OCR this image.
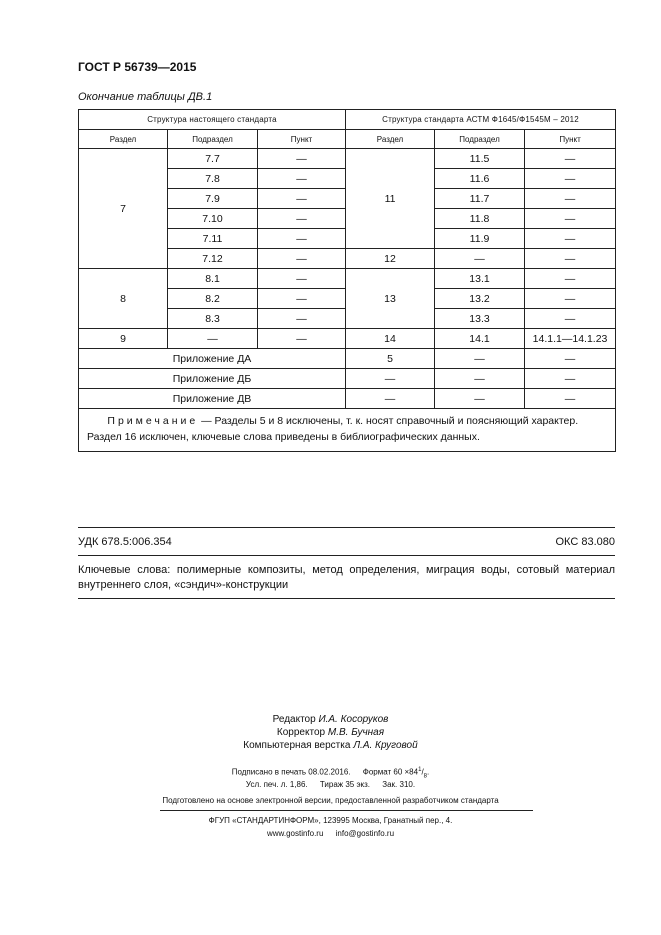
ГОСТ Р 56739—2015
Окончание таблицы ДВ.1
Структура настоящего стандарта			Структура стандарта АСТМ Ф1645/Ф1545М – 2012		
Раздел	Подраздел	Пункт	Раздел	Подраздел	Пункт
7	7.7	—	11	11.5	—
	7.8	—		11.6	—
	7.9	—		11.7	—
	7.10	—		11.8	—
	7.11	—		11.9	—
	7.12	—	12	—	—
8	8.1	—	13	13.1	—
	8.2	—		13.2	—
	8.3	—		13.3	—
9	—	—	14	14.1	14.1.1—14.1.23
Приложение ДА			5	—	—
Приложение ДБ			—	—	—
Приложение ДВ			—	—	—
Примечание — Разделы 5 и 8 исключены, т. к. носят справочный и поясняющий характер. Раздел 16 исключен, ключевые слова приведены в библиографических данных.					
УДК 678.5:006.354	ОКС 83.080
Ключевые слова: полимерные композиты, метод определения, миграция воды, сотовый материал внутреннего слоя, «сэндич»-конструкции
Редактор И.А. Косоруков
Корректор М.В. Бучная
Компьютерная верстка Л.А. Круговой
Подписано в печать 08.02.2016. Формат $60 \times 84^1/_8$.
Усл. печ. л. 1,86. Тираж 35 экз. Зак. 310.
Подготовлено на основе электронной версии, предоставленной разработчиком стандарта
ФГУП «СТАНДАРТИНФОРМ», 123995 Москва, Гранатный пер., 4.
www.gostinfo.ru info@gostinfo.ru
